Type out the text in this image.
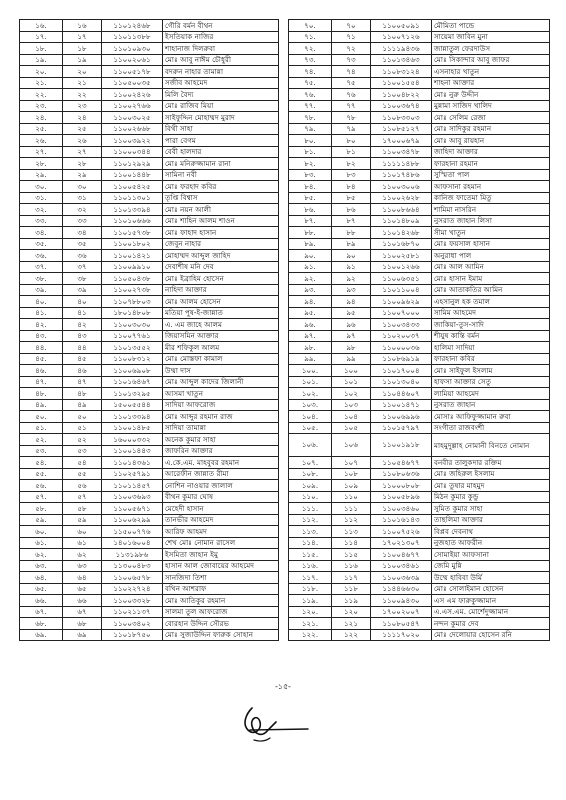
১৬.	১৬	১১০১২৪৬৮	গৌরি বর্মন বীথন
১৭.	১৭	১১০১১৩৮৮	ইসতিয়াক নাজির
১৮.	১৮	১১০১০৯৩০	শাহানাজ দিলরুবা
১৯.	১৯	১১০০২০৬১	মোঃ আবু নাঈম চৌধুরী
২০.	২০	১১০০৫১৭৮	বদরুন নাহার তামান্না
২১.	২১	১১০৫০০৩৫	সজীব আহমেদ
২২.	২২	১১০০২৪২৬	মিলি বৈদ্য
২৩.	২৩	১১০০২৭৬৬	মোঃ রাজিব মিয়া
২৪.	২৪	১১০০৩০২৫	সাইফুদ্দিন মোহাম্মদ মুরাদ
২৫.	২৫	১১০০২৬৬৮	বিথী সাহা
২৬.	২৬	১১০০৩৯২২	পারা বেগম
২৭.	২৭	১১০০০৩৪৪	বেবী হালদার
২৮.	২৮	১১০১২৯২৯	মোঃ মনিরুজ্জামান রানা
২৯.	২৯	১১০০১৪৪৮	সামিনা নবী
৩০.	৩০	১১০০৫৪২৫	মোঃ ফরহাদ কবির
৩১.	৩১	১১০১১৩০১	তৃপ্তি বিশ্বাস
৩২.	৩২	১১০১৩৩৯৪	মোঃ নয়ন আলী
৩৩.	৩৩	১১০১০৬৬৬	মোঃ শাহিন আলম শাওন
৩৪.	৩৪	১১০১৫৭৩৮	মোঃ ফাহাদ হাসান
৩৫.	৩৫	১১০০১৮০২	জেবুন নাহার
৩৬.	৩৬	১১০০১৪২১	মোহাম্মদ আব্দুল জাহিদ
৩৭.	৩৭	১১০০৯৯১০	দেবাশীষ মনি দেব
৩৮.	৩৮	১১০৫০৪৩৮	মোঃ ইব্রাহিম হোসেন
৩৯.	৩৯	১১০০২৭৩৮	নাহিদা আক্তার
৪০.	৪০	১১০৭৮৮০৩	মোঃ আলম হোসেন
৪১.	৪১	১৮০১৪৮০৮	মতিয়া পুষ-ই-জান্নাত
৪২.	৪২	১১০০৩০৩০	এ. এম জাহে আলম
৪৩.	৪৩	১১০০৭৭৬১	জিয়াসমিন আক্তার
৪৪.	৪৪	১১০১৩৫৫২	মীর শফিকুল আলম
৪৫.	৪৫	১১০০৮৩১২	মোঃ মোস্তফা কামাল
৪৬.	৪৬	১১০০৬৯০৮	উম্মা দাস
৪৭.	৪৭	১১০১৬৪৬৭	মোঃ আব্দুল কাদের জিলানী
৪৮.	৪৮	১১০১৩২৯৫	আসমা খাতুন
৪৯.	৪৯	১৫০০৫৫৪৪	সাদিয়া আফরোজ
৫০.	৫০	১১০১৩৩৯৪	মোঃ আব্দুর রহমান রাজ
৫১.	৫১	১১০০১৪৮৫	সাদিয়া তামান্না
৫২.	৫২	১৬০০০৩৩২	অনেক কুমার সাহা
৫৩.	৫৩	১১০০১৪৪৩	জাফরিন আক্তার
৫৪.	৫৪	১১০১৪৩৬১	এ.কে.এম. মাহবুবর রহমান
৫৫.	৫৫	১১০২৫৭৯১	আরেফীন জান্নাত রীমা
৫৬.	৫৬	১১০১১৪৫৭	নোশিন নাওয়ার জালাল
৫৭.	৫৭	১১০০৩৬৯৩	বীথন কুমার ঘোষ
৫৮.	৫৮	১১০০৫৬৭১	মেহেদী হাসান
৫৯.	৫৯	১১০০৬২৯৯	তানভীর আহমেদ
৬০.	৬০	১১৫০০৭৭৬	আরিফ আহমদ
৬১.	৬১	১৪০১৬০০৪	শেখ মোঃ নোমান রাসেল
৬২.	৬২	১১৩১৯৮৬	ইসমিতা জাহান ইমু
৬৩.	৬৩	১১৩০০৪৮৩	হাসান আল জোবায়ের আহমেদ
৬৪.	৬৪	১১০০৬৫৭৮	সানজিদা তিশা
৬৫.	৬৫	১১০২২৭২৪	বখিন আশরাফ
৬৬.	৬৬	১১০০৩৩২৮	মোঃ আতিকুর রহমান
৬৭.	৬৭	১১০২১১৩৭	সালমা তুল আফরোজ
৬৮.	৬৮	১১০০৩৪০২	বোরহান উদ্দিন সৌরভ
৬৯.	৬৯	১১০১৮৭৫০	মোঃ সুজাউদ্দিন ফারুক সোহান
৭০.	৭০	১১০০৫০৯১	মৌমিতা পান্ডে
৭১.	৭১	১১০০৭১২৬	সায়েমা জাবিন মুনা
৭২.	৭২	১১১১৯৪৩৬	জান্নাতুল ফেরদাউস
৭৩.	৭৩	১১০১৩৪৬৩	মোঃ সিকান্দার আবু জাফর
৭৪.	৭৪	১১০৮৩১২৪	এসনাহার খাতুন
৭৫.	৭৫	১১০০১৫৫৪	শাহনা আক্তার
৭৬.	৭৬	১১০০৪৮২২	মোঃ নুরু উদ্দীন
৭৭.	৭৭	১১০০৩৬৭৪	মুন্নামা সাজিদ খালিদ
৭৮.	৭৮	১১০৮৩৩০৩	মোঃ সেলিম রেজা
৭৯.	৭৯	১১০৮৫১২৭	মোঃ সাদিকুর রহমান
৮০.	৮০	১৭০০০৬৭৯	মোঃ আবু রায়হান
৮১.	৮১	১১০০৩৪৭৮	জাহিদা আক্তার
৮২.	৮২	১১১১১৪৮৮	ফারহানা রহমান
৮৩.	৮৩	১১০১৭৪৮৬	সুস্মিতা পাল
৮৪.	৮৪	১১০০৩০০৬	আফসানা রহমান
৮৫.	৮৫	১১০০২৬২৮	কানিজ ফাতেমা মিতু
৮৬.	৮৬	১১০০৮৬৬৪	শামিমা নাসরিন
৮৭.	৮৭	১১০১৪৮০৯	নুসরাত জাহান লিসা
৮৮.	৮৮	১১০১৪২৬৮	সীমা খাতুন
৮৯.	৮৯	১১০১৬৮৭০	মোঃ ফয়সাল হাসান
৯০.	৯০	১১০০২৫৮১	অনুরাধা পাল
৯১.	৯১	১১০০১২৬৬	মোঃ আল আমিন
৯২.	৯২	১১০০৬৩৫১	মোঃ হাসান ইমাম
৯৩.	৯৩	১১০১১০০৪	মোঃ আতাকতির আমিন
৯৪.	৯৪	১১০০৯৬২৯	এহসানুল হক তমাল
৯৫.	৯৫	১১০০৭০০০	সামিম আহমেদ
৯৬.	৯৬	১১০০৩৪৩৩	জাকিয়া-তুস-সাদি
৯৭.	৯৭	১১০২০০৩৭	শীযুষ কান্তি বর্মন
৯৮.	৯৮	১১০০০০৩৬	হালিমা সাদিয়া
৯৯.	৯৯	১১০৮৬৯১৯	ফারহানা কবির
১০০.	১০০	১১০১৭০০৪	মোঃ সাইফুল ইসলাম
১০১.	১০১	১১০১৩০৪০	হাফসা আক্তার সেতু
১০২.	১০২	১১০৪৪৬০৭	লামিয়া আহমেদ
১০৩.	১০৩	১১০০১৪৭১	নুসরাত জাহান
১০৪.	১০৪	১১০০৬৯৯৬	মোসাঃ আফিফুজ্জামান রুবা
১০৫.	১০৫	১১০১৫৭৯৭	সংগীতা রাজবংশী
১০৬.	১০৬	১১০০১৯১৮	মাহমুদুল্লাহ নোমানী বিনতে নোমান
১০৭.	১০৭	১১০৫৪৬৭৭	বনবীর তালুকদার রক্তিম
১০৮.	১০৮	১১০৮০৬৩৬	মোঃ জহিরুল ইসলাম
১০৯.	১০৯	১১০০০৮০৮	মোঃ তুষার মাহমুদ
১১০.	১১০	১১০০৫৮৯৬	মিঠন কুমার কুন্ডু
১১১.	১১১	১১০০৩৪৬০	সুমিত কুমার সাহা
১১২.	১১২	১১০১৬১৪৩	তাছলিমা আক্তার
১১৩.	১১৩	১১০০৭৫২৬	বিপ্লব দেবনাথ
১১৪.	১১৪	১৭০২১৩০৭	নুজহাত আফরীন
১১৫.	১১৫	১১০০৪৬৭৭	সোমাইয়া আফসানা
১১৬.	১১৬	১১০০৩৪৬১	জেমি মুন্নি
১১৭.	১১৭	১১০০৩৬৩৯	উম্মে হাবিবা উর্মি
১১৮.	১১৮	১১৪৪৬৬৩০	মোঃ সোলাইমান হোসেন
১১৯.	১১৯	১১০০৯৪৩০	এস এম ফারুকুজ্জামান
১২০.	১২০	১৭০০২০০৭	এ.এস.এম. মোর্শেদুজ্জামান
১২১.	১২১	১১০৮০৫৪৭	নন্দন কুমার দেব
১২২.	১২২	১১১১৭০২০	মোঃ দেলোয়ার হোসেন রনি
-১৫-
